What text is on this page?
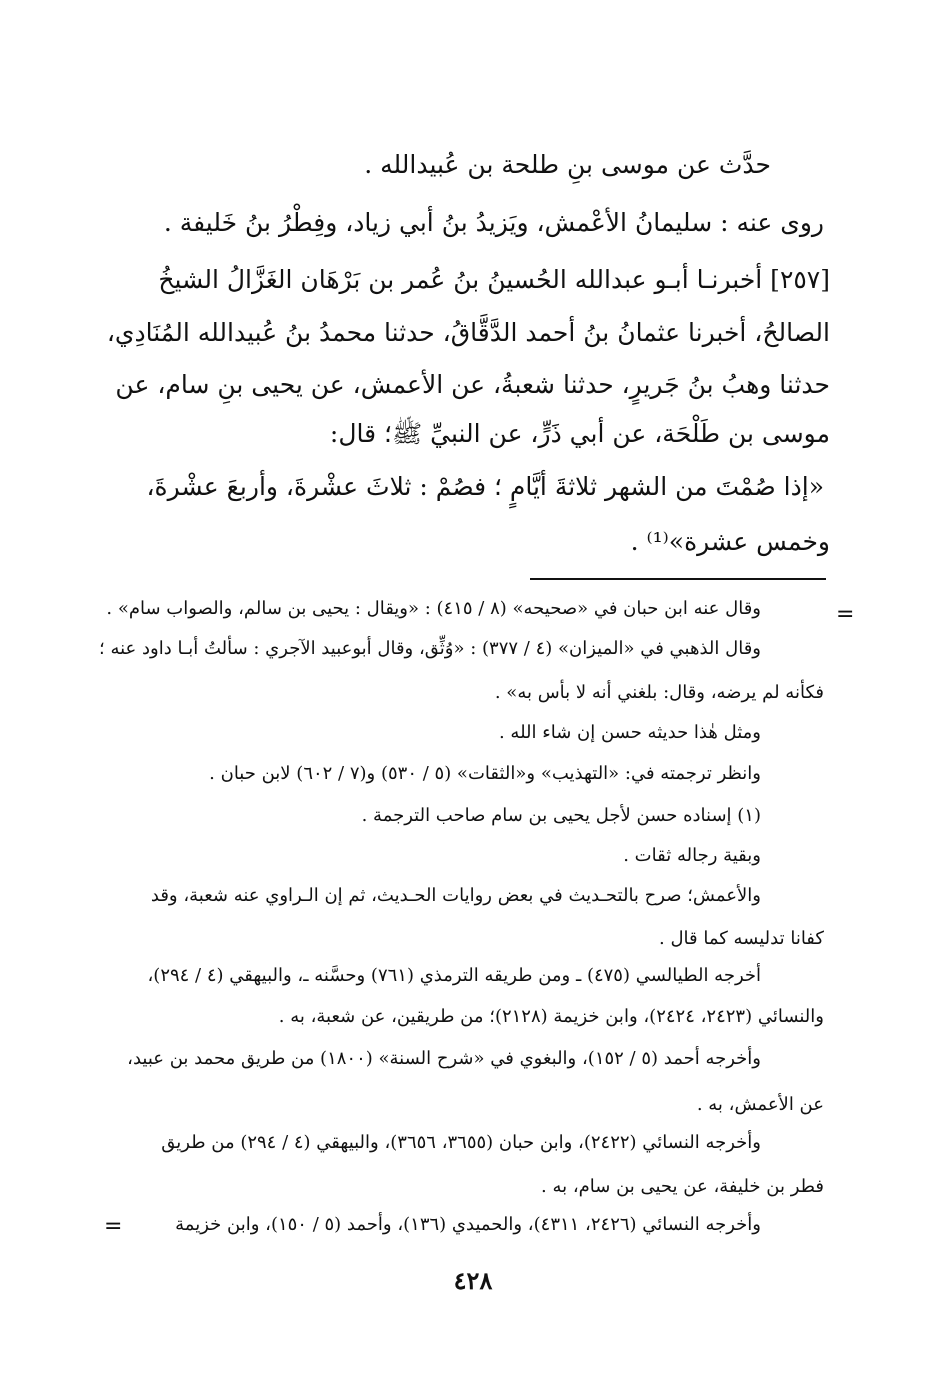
حدَّث عن موسى بنِ طلحة بن عُبيدالله .
روى عنه : سليمانُ الأعْمش، ويَزيدُ بنُ أبي زياد، وفِطْرُ بنُ خَليفة .
[٢٥٧] أخبرنـا أبـو عبدالله الحُسينُ بنُ عُمر بن بَرْهَان الغَزَّالُ الشيخُ
الصالحُ، أخبرنا عثمانُ بنُ أحمد الدَّقَّاقُ، حدثنا محمدُ بنُ عُبيدالله المُنَادِي،
حدثنا وهبُ بنُ جَريرٍ، حدثنا شعبةُ، عن الأعمش، عن يحيى بنِ سام، عن
موسى بن طَلْحَة، عن أبي ذَرٍّ، عن النبيِّ ﷺ؛ قال:
«إذا صُمْتَ من الشهر ثلاثةَ أيَّامٍ ؛ فصُمْ : ثلاثَ عشْرةَ، وأربعَ عشْرةَ،
وخمس عشرة»⁽¹⁾ .
=
وقال عنه ابن حبان في «صحيحه» (٨ / ٤١٥) : «ويقال : يحيى بن سالم، والصواب سام» .
وقال الذهبي في «الميزان» (٤ / ٣٧٧) : «وُثِّق، وقال أبوعبيد الآجري : سألتُ أبـا داود عنه ؛
فكأنه لم يرضه، وقال: بلغني أنه لا بأس به» .
ومثل هٰذا حديثه حسن إن شاء الله .
وانظر ترجمته في: «التهذيب» و«الثقات» (٥ / ٥٣٠) و(٧ / ٦٠٢) لابن حبان .
(١) إسناده حسن لأجل يحيى بن سام صاحب الترجمة .
وبقية رجاله ثقات .
والأعمش؛ صرح بالتحـديث في بعض روايات الحـديث، ثم إن الـراوي عنه شعبة، وقد
كفانا تدليسه كما قال .
أخرجه الطيالسي (٤٧٥) ـ ومن طريقه الترمذي (٧٦١) وحسَّنه ـ، والبيهقي (٤ / ٢٩٤)،
والنسائي (٢٤٢٣، ٢٤٢٤)، وابن خزيمة (٢١٢٨)؛ من طريقين، عن شعبة، به .
وأخرجه أحمد (٥ / ١٥٢)، والبغوي في «شرح السنة» (١٨٠٠) من طريق محمد بن عبيد،
عن الأعمش، به .
وأخرجه النسائي (٢٤٢٢)، وابن حبان (٣٦٥٥، ٣٦٥٦)، والبيهقي (٤ / ٢٩٤) من طريق
فطر بن خليفة، عن يحيى بن سام، به .
وأخرجه النسائي (٢٤٢٦، ٤٣١١)، والحميدي (١٣٦)، وأحمد (٥ / ١٥٠)، وابن خزيمة
=
٤٢٨
